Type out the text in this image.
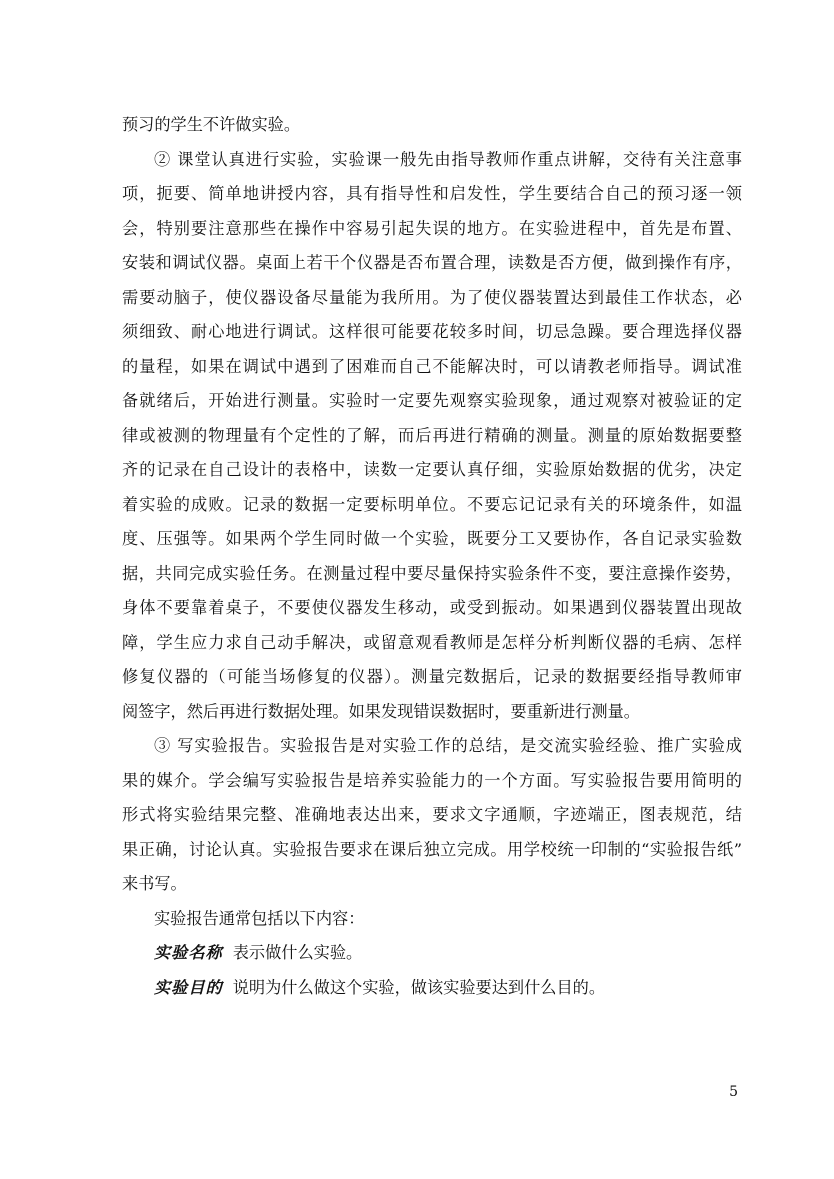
预习的学生不许做实验。
② 课堂认真进行实验，实验课一般先由指导教师作重点讲解，交待有关注意事
项，扼要、简单地讲授内容，具有指导性和启发性，学生要结合自己的预习逐一领
会，特别要注意那些在操作中容易引起失误的地方。在实验进程中，首先是布置、
安装和调试仪器。桌面上若干个仪器是否布置合理，读数是否方便，做到操作有序，
需要动脑子，使仪器设备尽量能为我所用。为了使仪器装置达到最佳工作状态，必
须细致、耐心地进行调试。这样很可能要花较多时间，切忌急躁。要合理选择仪器
的量程，如果在调试中遇到了困难而自己不能解决时，可以请教老师指导。调试准
备就绪后，开始进行测量。实验时一定要先观察实验现象，通过观察对被验证的定
律或被测的物理量有个定性的了解，而后再进行精确的测量。测量的原始数据要整
齐的记录在自己设计的表格中，读数一定要认真仔细，实验原始数据的优劣，决定
着实验的成败。记录的数据一定要标明单位。不要忘记记录有关的环境条件，如温
度、压强等。如果两个学生同时做一个实验，既要分工又要协作，各自记录实验数
据，共同完成实验任务。在测量过程中要尽量保持实验条件不变，要注意操作姿势，
身体不要靠着桌子，不要使仪器发生移动，或受到振动。如果遇到仪器装置出现故
障，学生应力求自己动手解决，或留意观看教师是怎样分析判断仪器的毛病、怎样
修复仪器的（可能当场修复的仪器）。测量完数据后，记录的数据要经指导教师审
阅签字，然后再进行数据处理。如果发现错误数据时，要重新进行测量。
③ 写实验报告。实验报告是对实验工作的总结，是交流实验经验、推广实验成
果的媒介。学会编写实验报告是培养实验能力的一个方面。写实验报告要用简明的
形式将实验结果完整、准确地表达出来，要求文字通顺，字迹端正，图表规范，结
果正确，讨论认真。实验报告要求在课后独立完成。用学校统一印制的“实验报告纸”
来书写。
实验报告通常包括以下内容：
实验名称 表示做什么实验。
实验目的 说明为什么做这个实验，做该实验要达到什么目的。
5
